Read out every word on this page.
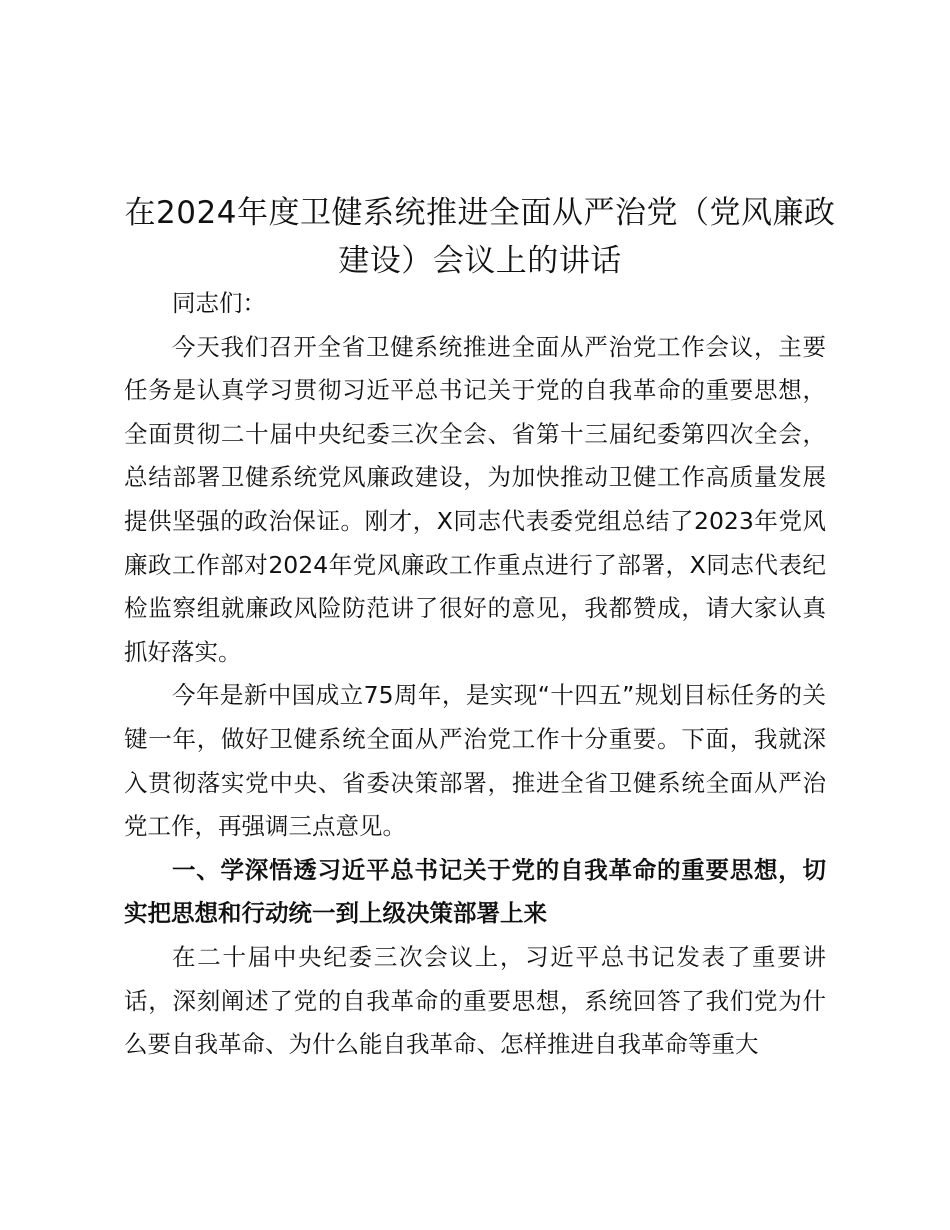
在2024年度卫健系统推进全面从严治党（党风廉政建设）会议上的讲话

同志们：

今天我们召开全省卫健系统推进全面从严治党工作会议，主要任务是认真学习贯彻习近平总书记关于党的自我革命的重要思想，全面贯彻二十届中央纪委三次全会、省第十三届纪委第四次全会，总结部署卫健系统党风廉政建设，为加快推动卫健工作高质量发展提供坚强的政治保证。刚才，X同志代表委党组总结了2023年党风廉政工作部对2024年党风廉政工作重点进行了部署，X同志代表纪检监察组就廉政风险防范讲了很好的意见，我都赞成，请大家认真抓好落实。

今年是新中国成立75周年，是实现“十四五”规划目标任务的关键一年，做好卫健系统全面从严治党工作十分重要。下面，我就深入贯彻落实党中央、省委决策部署，推进全省卫健系统全面从严治党工作，再强调三点意见。

一、学深悟透习近平总书记关于党的自我革命的重要思想，切实把思想和行动统一到上级决策部署上来

在二十届中央纪委三次会议上，习近平总书记发表了重要讲话，深刻阐述了党的自我革命的重要思想，系统回答了我们党为什么要自我革命、为什么能自我革命、怎样推进自我革命等重大
